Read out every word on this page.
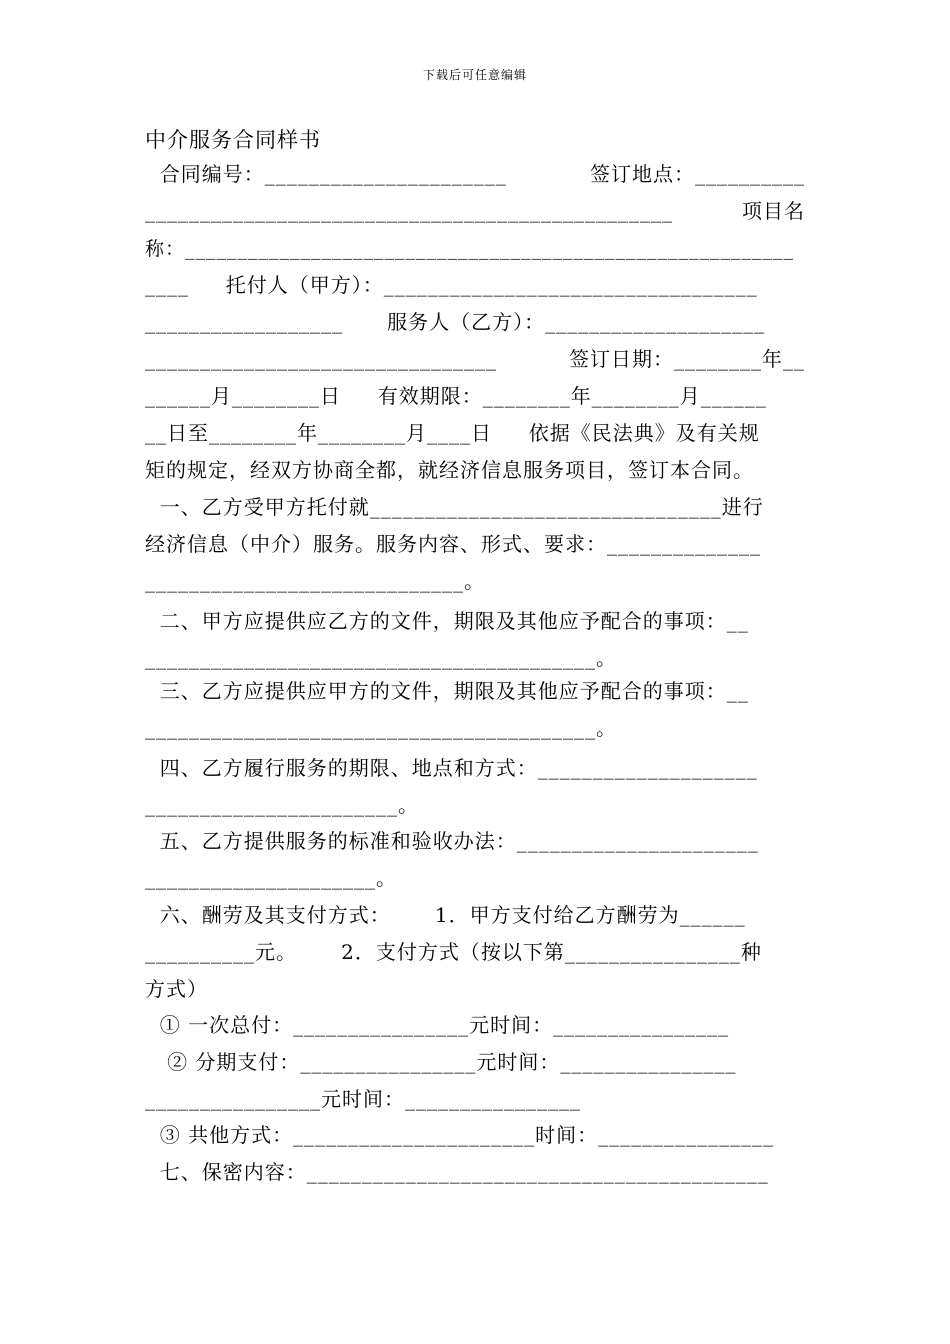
下载后可任意编辑
中介服务合同样书
合同编号：______________________	签订地点：__________
________________________________________________	项目名
称：__________________________________________________________
____     托付人（甲方）：__________________________________
__________________      服务人（乙方）：____________________
________________________________	签订日期：________年__
______月________日     有效期限：________年________月______
__日至________年________月____日     依据《民法典》及有关规
矩的规定，经双方协商全都，就经济信息服务项目，签订本合同。
一、乙方受甲方托付就________________________________进行
经济信息（中介）服务。服务内容、形式、要求：______________
_____________________________。
二、甲方应提供应乙方的文件，期限及其他应予配合的事项：__
_________________________________________。
三、乙方应提供应甲方的文件，期限及其他应予配合的事项：__
_________________________________________。
四、乙方履行服务的期限、地点和方式：____________________
_______________________。
五、乙方提供服务的标准和验收办法：______________________
_____________________。
六、酬劳及其支付方式：      1．甲方支付给乙方酬劳为______
__________元。      2．支付方式（按以下第________________种
方式）
① 一次总付：________________元时间：________________
② 分期支付：________________元时间：________________
________________元时间：________________
③ 共他方式：______________________时间：________________
七、保密内容：__________________________________________
